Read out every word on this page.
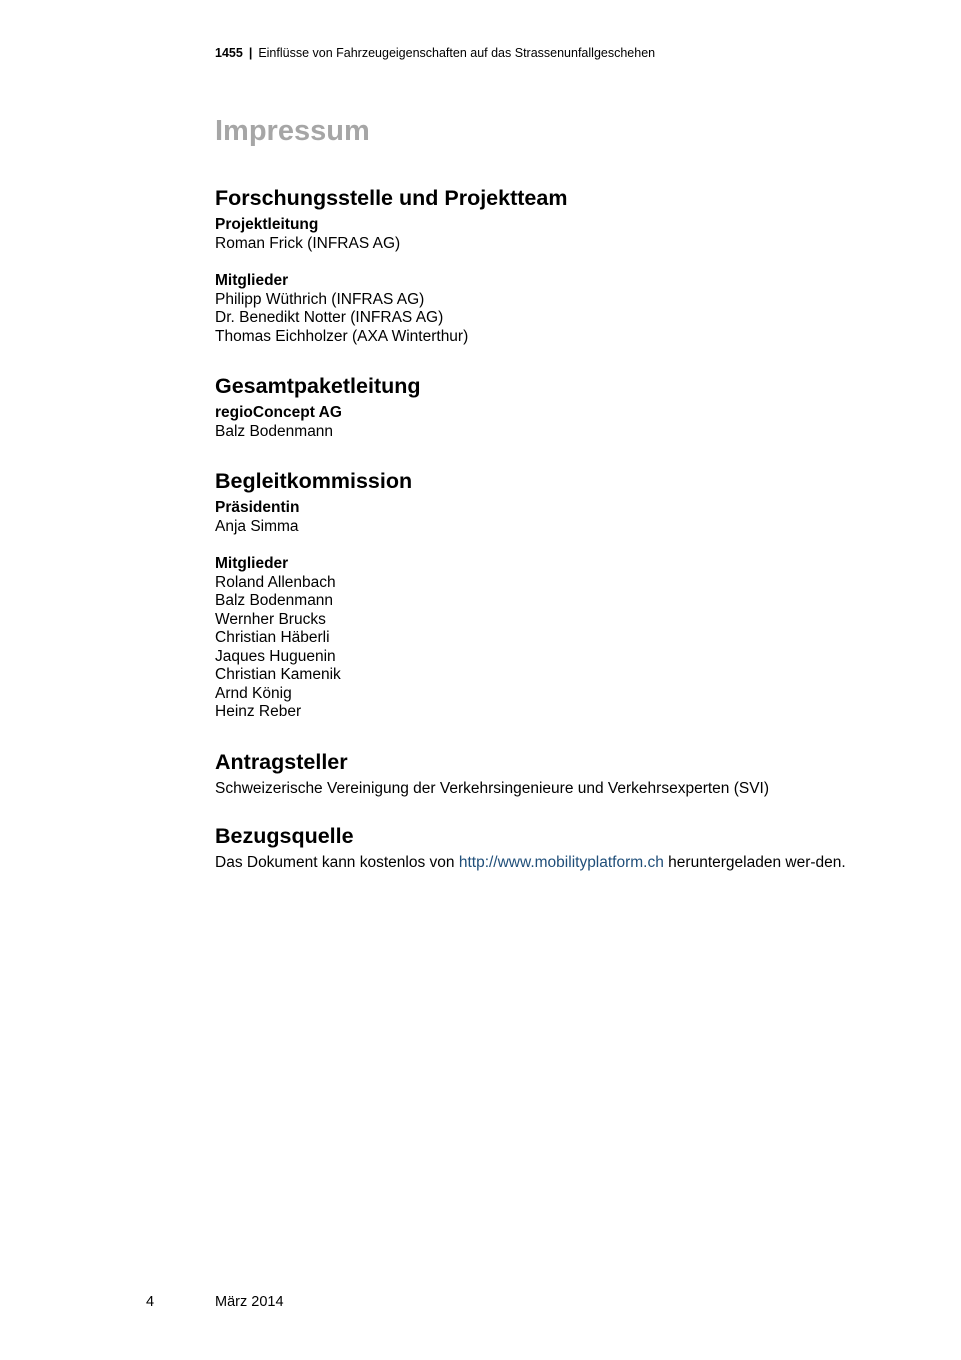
1455 | Einflüsse von Fahrzeugeigenschaften auf das Strassenunfallgeschehen
Impressum
Forschungsstelle und Projektteam
Projektleitung
Roman Frick (INFRAS AG)
Mitglieder
Philipp Wüthrich (INFRAS AG)
Dr. Benedikt Notter (INFRAS AG)
Thomas Eichholzer (AXA Winterthur)
Gesamtpaketleitung
regioConcept AG
Balz Bodenmann
Begleitkommission
Präsidentin
Anja Simma
Mitglieder
Roland Allenbach
Balz Bodenmann
Wernher Brucks
Christian Häberli
Jaques Huguenin
Christian Kamenik
Arnd König
Heinz Reber
Antragsteller

Schweizerische Vereinigung der Verkehrsingenieure und Verkehrsexperten (SVI)

Bezugsquelle

Das Dokument kann kostenlos von http://www.mobilityplatform.ch heruntergeladen wer-den.

4	März 2014
